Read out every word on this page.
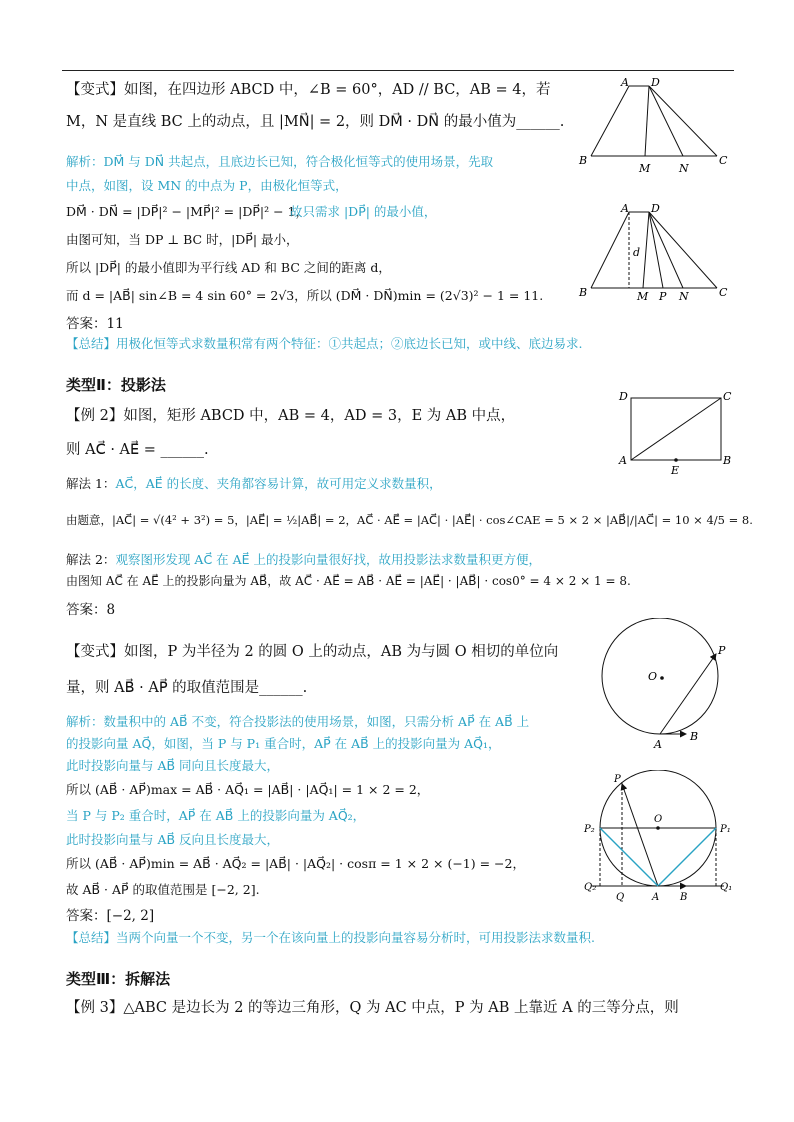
【变式】如图，在四边形 ABCD 中，∠B = 60°，AD // BC，AB = 4，若
M，N 是直线 BC 上的动点，且 |MN⃗| = 2，则 DM⃗ · DN⃗ 的最小值为______.
解析：DM⃗ 与 DN⃗ 共起点，且底边长已知，符合极化恒等式的使用场景，先取
中点，如图，设 MN 的中点为 P，由极化恒等式，
DM⃗ · DN⃗ = |DP⃗|² − |MP⃗|² = |DP⃗|² − 1，
故只需求 |DP⃗| 的最小值，
由图可知，当 DP ⊥ BC 时，|DP⃗| 最小，
所以 |DP⃗| 的最小值即为平行线 AD 和 BC 之间的距离 d，
而 d = |AB⃗| sin∠B = 4 sin 60° = 2√3，所以 (DM⃗ · DN⃗)min = (2√3)² − 1 = 11.
答案：11
【总结】用极化恒等式求数量积常有两个特征：①共起点；②底边长已知，或中线、底边易求.
A D
B
M	N
C
A D
d
B	M P N	C
类型Ⅱ：投影法
【例 2】如图，矩形 ABCD 中，AB = 4，AD = 3，E 为 AB 中点，
则 AC⃗ · AE⃗ = ______.
解法 1：AC⃗，AE⃗ 的长度、夹角都容易计算，故可用定义求数量积，
由题意，|AC⃗| = √(4² + 3²) = 5，|AE⃗| = ½|AB⃗| = 2，AC⃗ · AE⃗ = |AC⃗| · |AE⃗| · cos∠CAE = 5 × 2 × |AB⃗|/|AC⃗| = 10 × 4/5 = 8.
解法 2：观察图形发现 AC⃗ 在 AE⃗ 上的投影向量很好找，故用投影法求数量积更方便，
由图知 AC⃗ 在 AE⃗ 上的投影向量为 AB⃗，故 AC⃗ · AE⃗ = AB⃗ · AE⃗ = |AE⃗| · |AB⃗| · cos0° = 4 × 2 × 1 = 8.
答案：8
D	C
A
E
B
【变式】如图，P 为半径为 2 的圆 O 上的动点，AB 为与圆 O 相切的单位向
量，则 AB⃗ · AP⃗ 的取值范围是______.
解析：数量积中的 AB⃗ 不变，符合投影法的使用场景，如图，只需分析 AP⃗ 在 AB⃗ 上
的投影向量 AQ⃗，如图，当 P 与 P₁ 重合时，AP⃗ 在 AB⃗ 上的投影向量为 AQ⃗₁，
此时投影向量与 AB⃗ 同向且长度最大，
所以 (AB⃗ · AP⃗)max = AB⃗ · AQ⃗₁ = |AB⃗| · |AQ⃗₁| = 1 × 2 = 2，
当 P 与 P₂ 重合时，AP⃗ 在 AB⃗ 上的投影向量为 AQ⃗₂，
此时投影向量与 AB⃗ 反向且长度最大，
所以 (AB⃗ · AP⃗)min = AB⃗ · AQ⃗₂ = |AB⃗| · |AQ⃗₂| · cosπ = 1 × 2 × (−1) = −2，
故 AB⃗ · AP⃗ 的取值范围是 [−2, 2].
答案：[−2, 2]
【总结】当两个向量一个不变，另一个在该向量上的投影向量容易分析时，可用投影法求数量积.
P
O
A
B
P
O
P₂	P₁
Q₂
Q	A B
Q₁
类型Ⅲ：拆解法
【例 3】△ABC 是边长为 2 的等边三角形，Q 为 AC 中点，P 为 AB 上靠近 A 的三等分点，则
